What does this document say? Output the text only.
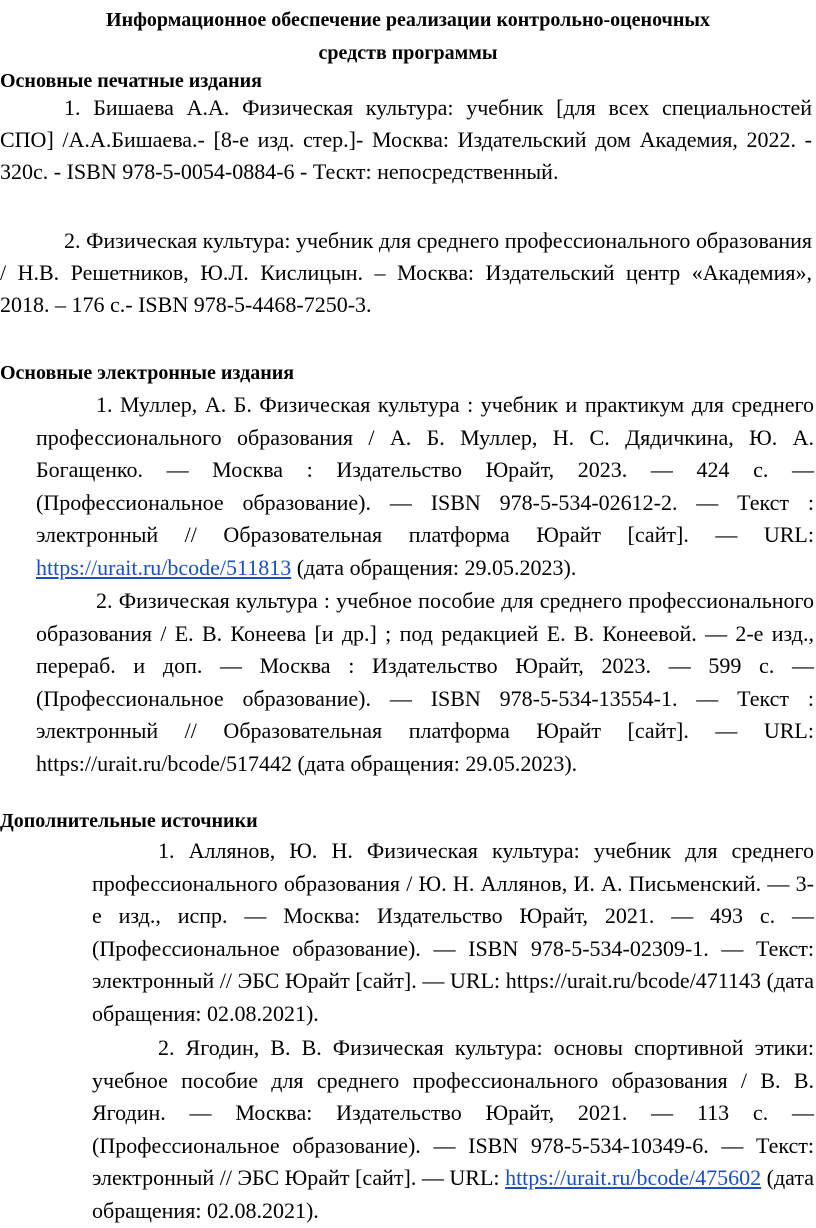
Информационное обеспечение реализации контрольно-оценочных
средств программы
Основные печатные издания
1. Бишаева А.А. Физическая культура: учебник [для всех специальностей СПО] /А.А.Бишаева.- [8-е изд. стер.]- Москва: Издательский дом Академия, 2022. - 320с. - ISBN 978-5-0054-0884-6 - Тескт: непосредственный.
2. Физическая культура: учебник для среднего профессионального образования / Н.В. Решетников, Ю.Л. Кислицын. – Москва: Издательский центр «Академия», 2018. – 176 с.- ISBN 978-5-4468-7250-3.
Основные электронные издания
1. Муллер, А. Б. Физическая культура : учебник и практикум для среднего профессионального образования / А. Б. Муллер, Н. С. Дядичкина, Ю. А. Богащенко. — Москва : Издательство Юрайт, 2023. — 424 с. — (Профессиональное образование). — ISBN 978-5-534-02612-2. — Текст : электронный // Образовательная платформа Юрайт [сайт]. — URL: https://urait.ru/bcode/511813 (дата обращения: 29.05.2023).
2. Физическая культура : учебное пособие для среднего профессионального образования / Е. В. Конеева [и др.] ; под редакцией Е. В. Конеевой. — 2-е изд., перераб. и доп. — Москва : Издательство Юрайт, 2023. — 599 с. — (Профессиональное образование). — ISBN 978-5-534-13554-1. — Текст : электронный // Образовательная платформа Юрайт [сайт]. — URL: https://urait.ru/bcode/517442 (дата обращения: 29.05.2023).
Дополнительные источники
1. Аллянов, Ю. Н. Физическая культура: учебник для среднего профессионального образования / Ю. Н. Аллянов, И. А. Письменский. — 3-е изд., испр. — Москва: Издательство Юрайт, 2021. — 493 с. — (Профессиональное образование). — ISBN 978-5-534-02309-1. — Текст: электронный // ЭБС Юрайт [сайт]. — URL: https://urait.ru/bcode/471143 (дата обращения: 02.08.2021).
2. Ягодин, В. В. Физическая культура: основы спортивной этики: учебное пособие для среднего профессионального образования / В. В. Ягодин. — Москва: Издательство Юрайт, 2021. — 113 с. — (Профессиональное образование). — ISBN 978-5-534-10349-6. — Текст: электронный // ЭБС Юрайт [сайт]. — URL: https://urait.ru/bcode/475602 (дата обращения: 02.08.2021).
